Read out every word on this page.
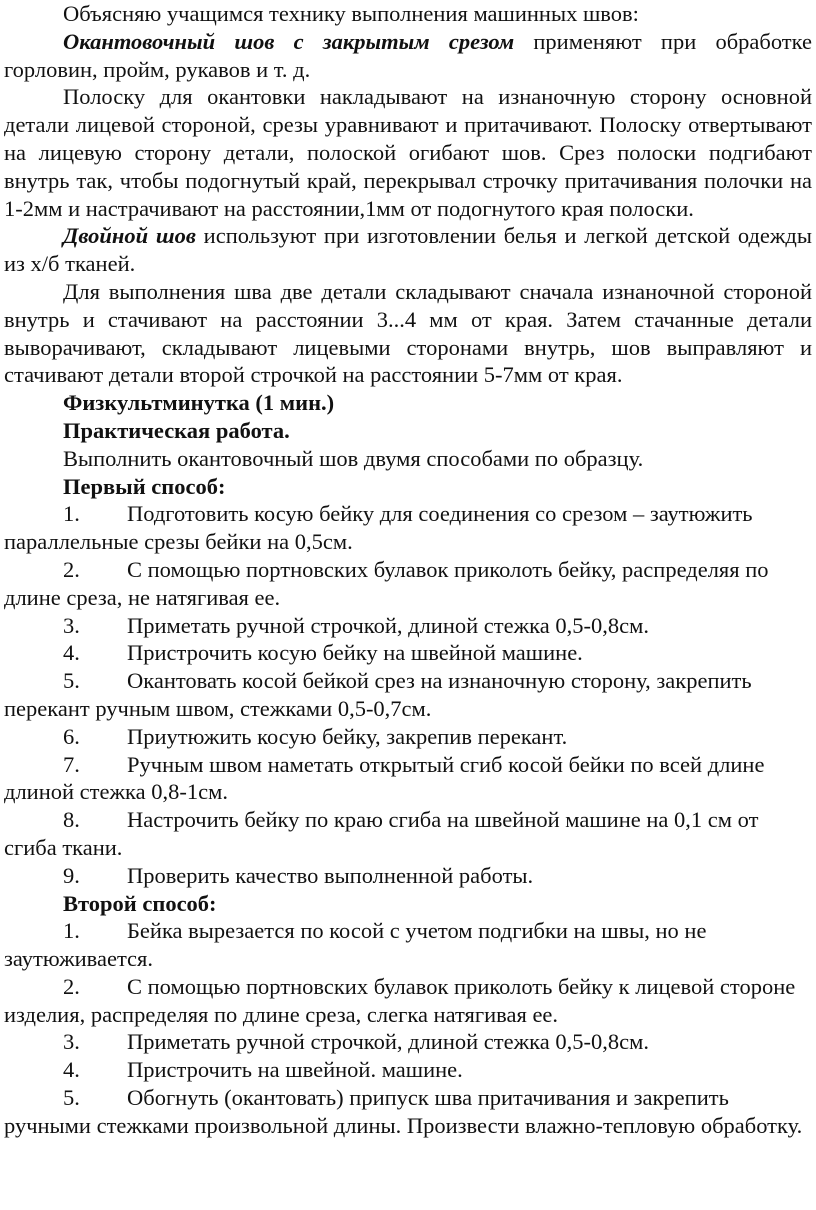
Объясняю учащимся технику выполнения машинных швов:

Окантовочный шов с закрытым срезом применяют при обработке горловин, пройм, рукавов и т. д.

Полоску для окантовки накладывают на изнаночную сторону основной детали лицевой стороной, срезы уравнивают и притачивают. Полоску отвертывают на лицевую сторону детали, полоской огибают шов. Срез полоски подгибают внутрь так, чтобы подогнутый край, перекрывал строчку притачивания полочки на 1-2мм и настрачивают на расстоянии,1мм от подогнутого края полоски.

Двойной шов используют при изготовлении белья и легкой детской одежды из х/б тканей.

Для выполнения шва две детали складывают сначала изнаночной стороной внутрь и стачивают на расстоянии 3...4 мм от края. Затем стачанные детали выворачивают, складывают лицевыми сторонами внутрь, шов выправляют и стачивают детали второй строчкой на расстоянии 5-7мм от края.

Физкультминутка (1 мин.)

Практическая работа.

Выполнить окантовочный шов двумя способами по образцу.

Первый способ:

1. Подготовить косую бейку для соединения со срезом – заутюжить параллельные срезы бейки на 0,5см.

2. С помощью портновских булавок приколоть бейку, распределяя по длине среза, не натягивая ее.

3. Приметать ручной строчкой, длиной стежка 0,5-0,8см.

4. Пристрочить косую бейку на швейной машине.

5. Окантовать косой бейкой срез на изнаночную сторону, закрепить перекант ручным швом, стежками 0,5-0,7см.

6. Приутюжить косую бейку, закрепив перекант.

7. Ручным швом наметать открытый сгиб косой бейки по всей длине длиной стежка 0,8-1см.

8. Настрочить бейку по краю сгиба на швейной машине на 0,1 см от сгиба ткани.

9. Проверить качество выполненной работы.

Второй способ:

1. Бейка вырезается по косой с учетом подгибки на швы, но не заутюживается.

2. С помощью портновских булавок приколоть бейку к лицевой стороне изделия, распределяя по длине среза, слегка натягивая ее.

3. Приметать ручной строчкой, длиной стежка 0,5-0,8см.

4. Пристрочить на швейной. машине.

5. Обогнуть (окантовать) припуск шва притачивания и закрепить ручными стежками произвольной длины. Произвести влажно-тепловую обработку.
